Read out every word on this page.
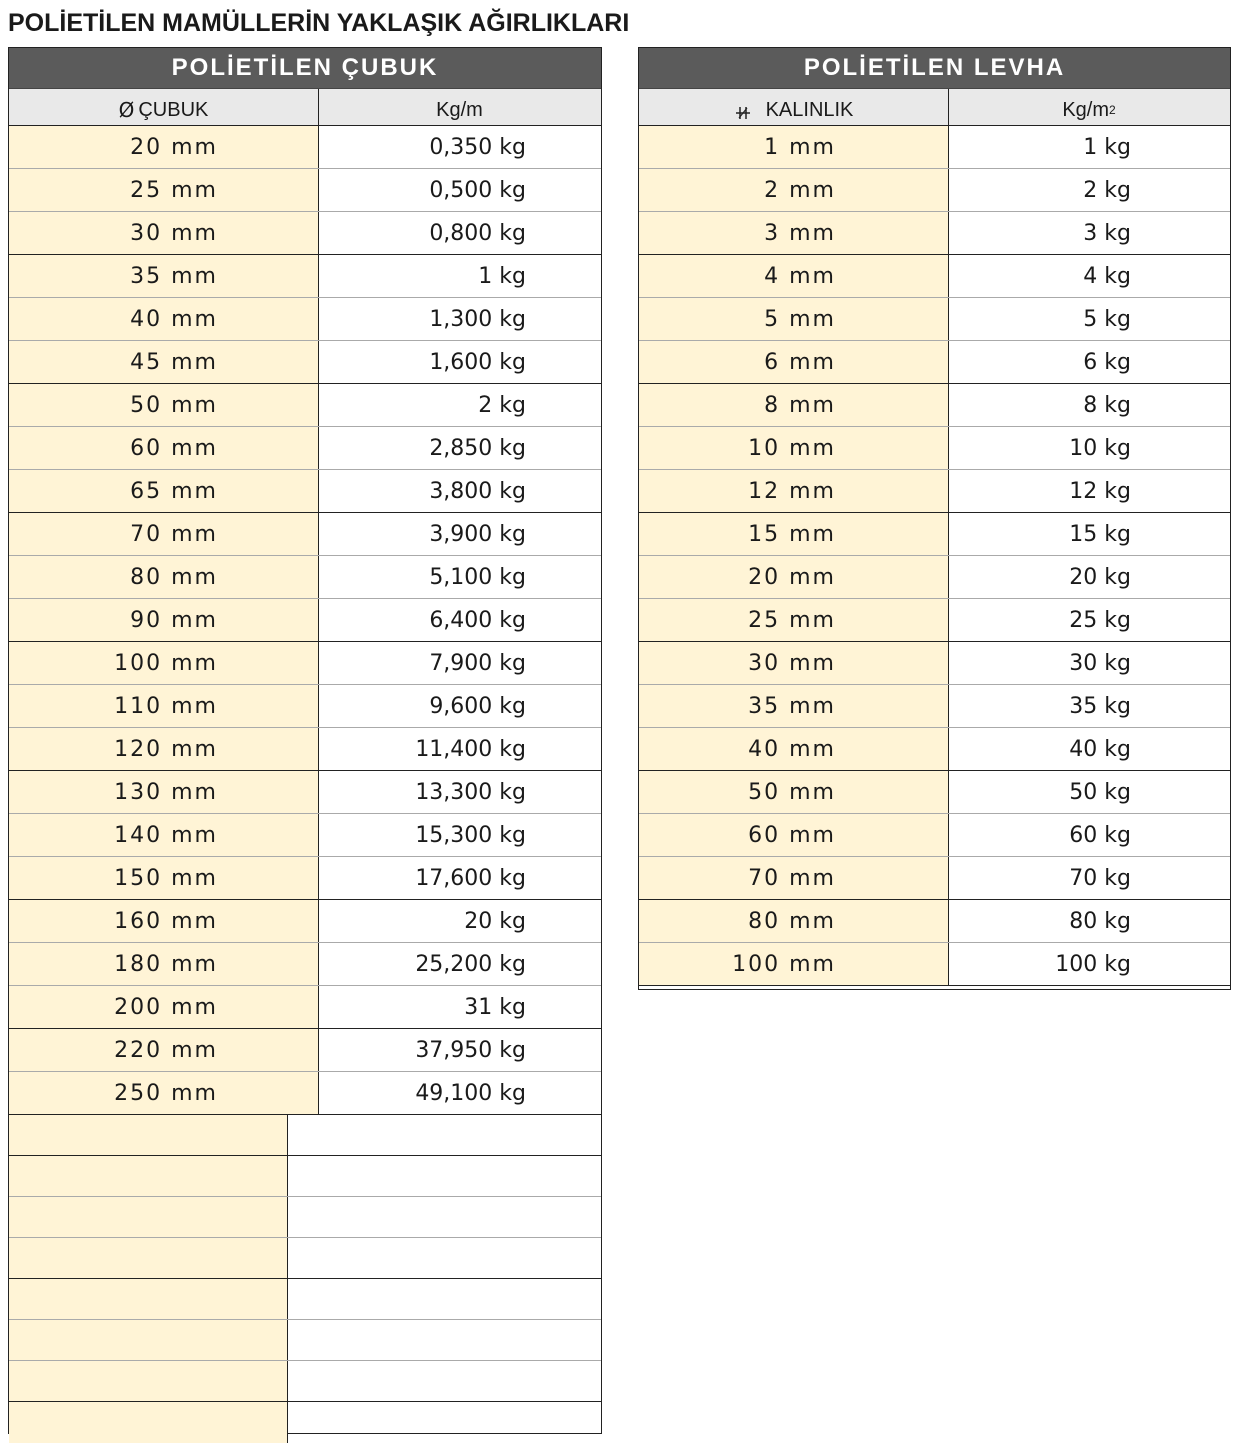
POLİETİLEN MAMÜLLERİN YAKLAŞIK AĞIRLIKLARI
POLİETİLEN ÇUBUK
Ø ÇUBUK	Kg/m
20 mm	0,350 kg
25 mm	0,500 kg
30 mm	0,800 kg
35 mm	1 kg
40 mm	1,300 kg
45 mm	1,600 kg
50 mm	2 kg
60 mm	2,850 kg
65 mm	3,800 kg
70 mm	3,900 kg
80 mm	5,100 kg
90 mm	6,400 kg
100 mm	7,900 kg
110 mm	9,600 kg
120 mm	11,400 kg
130 mm	13,300 kg
140 mm	15,300 kg
150 mm	17,600 kg
160 mm	20 kg
180 mm	25,200 kg
200 mm	31 kg
220 mm	37,950 kg
250 mm	49,100 kg
POLİETİLEN LEVHA
KALINLIK	Kg/m 2
1 mm	1 kg
2 mm	2 kg
3 mm	3 kg
4 mm	4 kg
5 mm	5 kg
6 mm	6 kg
8 mm	8 kg
10 mm	10 kg
12 mm	12 kg
15 mm	15 kg
20 mm	20 kg
25 mm	25 kg
30 mm	30 kg
35 mm	35 kg
40 mm	40 kg
50 mm	50 kg
60 mm	60 kg
70 mm	70 kg
80 mm	80 kg
100 mm	100 kg
